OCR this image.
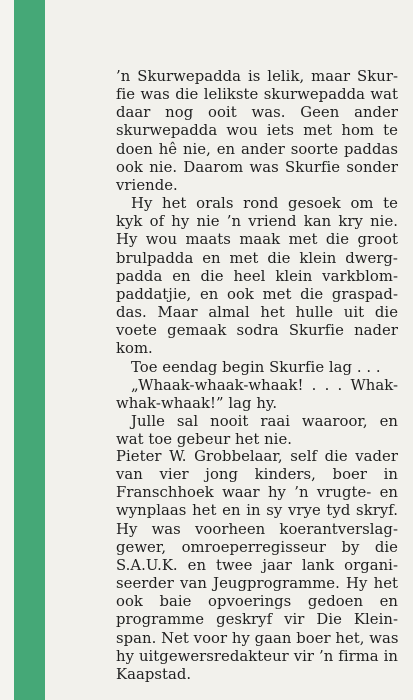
’n Skurwepadda is lelik, maar Skur-
fie was die lelikste skurwepadda wat
daar nog ooit was. Geen ander
skurwepadda wou iets met hom te
doen hê nie, en ander soorte paddas
ook nie. Daarom was Skurfie sonder
vriende.
Hy het orals rond gesoek om te
kyk of hy nie ’n vriend kan kry nie.
Hy wou maats maak met die groot
brulpadda en met die klein dwerg-
padda en die heel klein varkblom-
paddatjie, en ook met die graspad-
das. Maar almal het hulle uit die
voete gemaak sodra Skurfie nader
kom.
Toe eendag begin Skurfie lag . . .
„Whaak-whaak-whaak! . . . Whak-
whak-whaak!” lag hy.
Julle sal nooit raai waaroor, en
wat toe gebeur het nie.
Pieter W. Grobbelaar, self die vader
van vier jong kinders, boer in
Franschhoek waar hy ’n vrugte- en
wynplaas het en in sy vrye tyd skryf.
Hy was voorheen koerantverslag-
gewer, omroeperregisseur by die
S.A.U.K. en twee jaar lank organi-
seerder van Jeugprogramme. Hy het
ook baie opvoerings gedoen en
programme geskryf vir Die Klein-
span. Net voor hy gaan boer het, was
hy uitgewersredakteur vir ’n firma in
Kaapstad.
